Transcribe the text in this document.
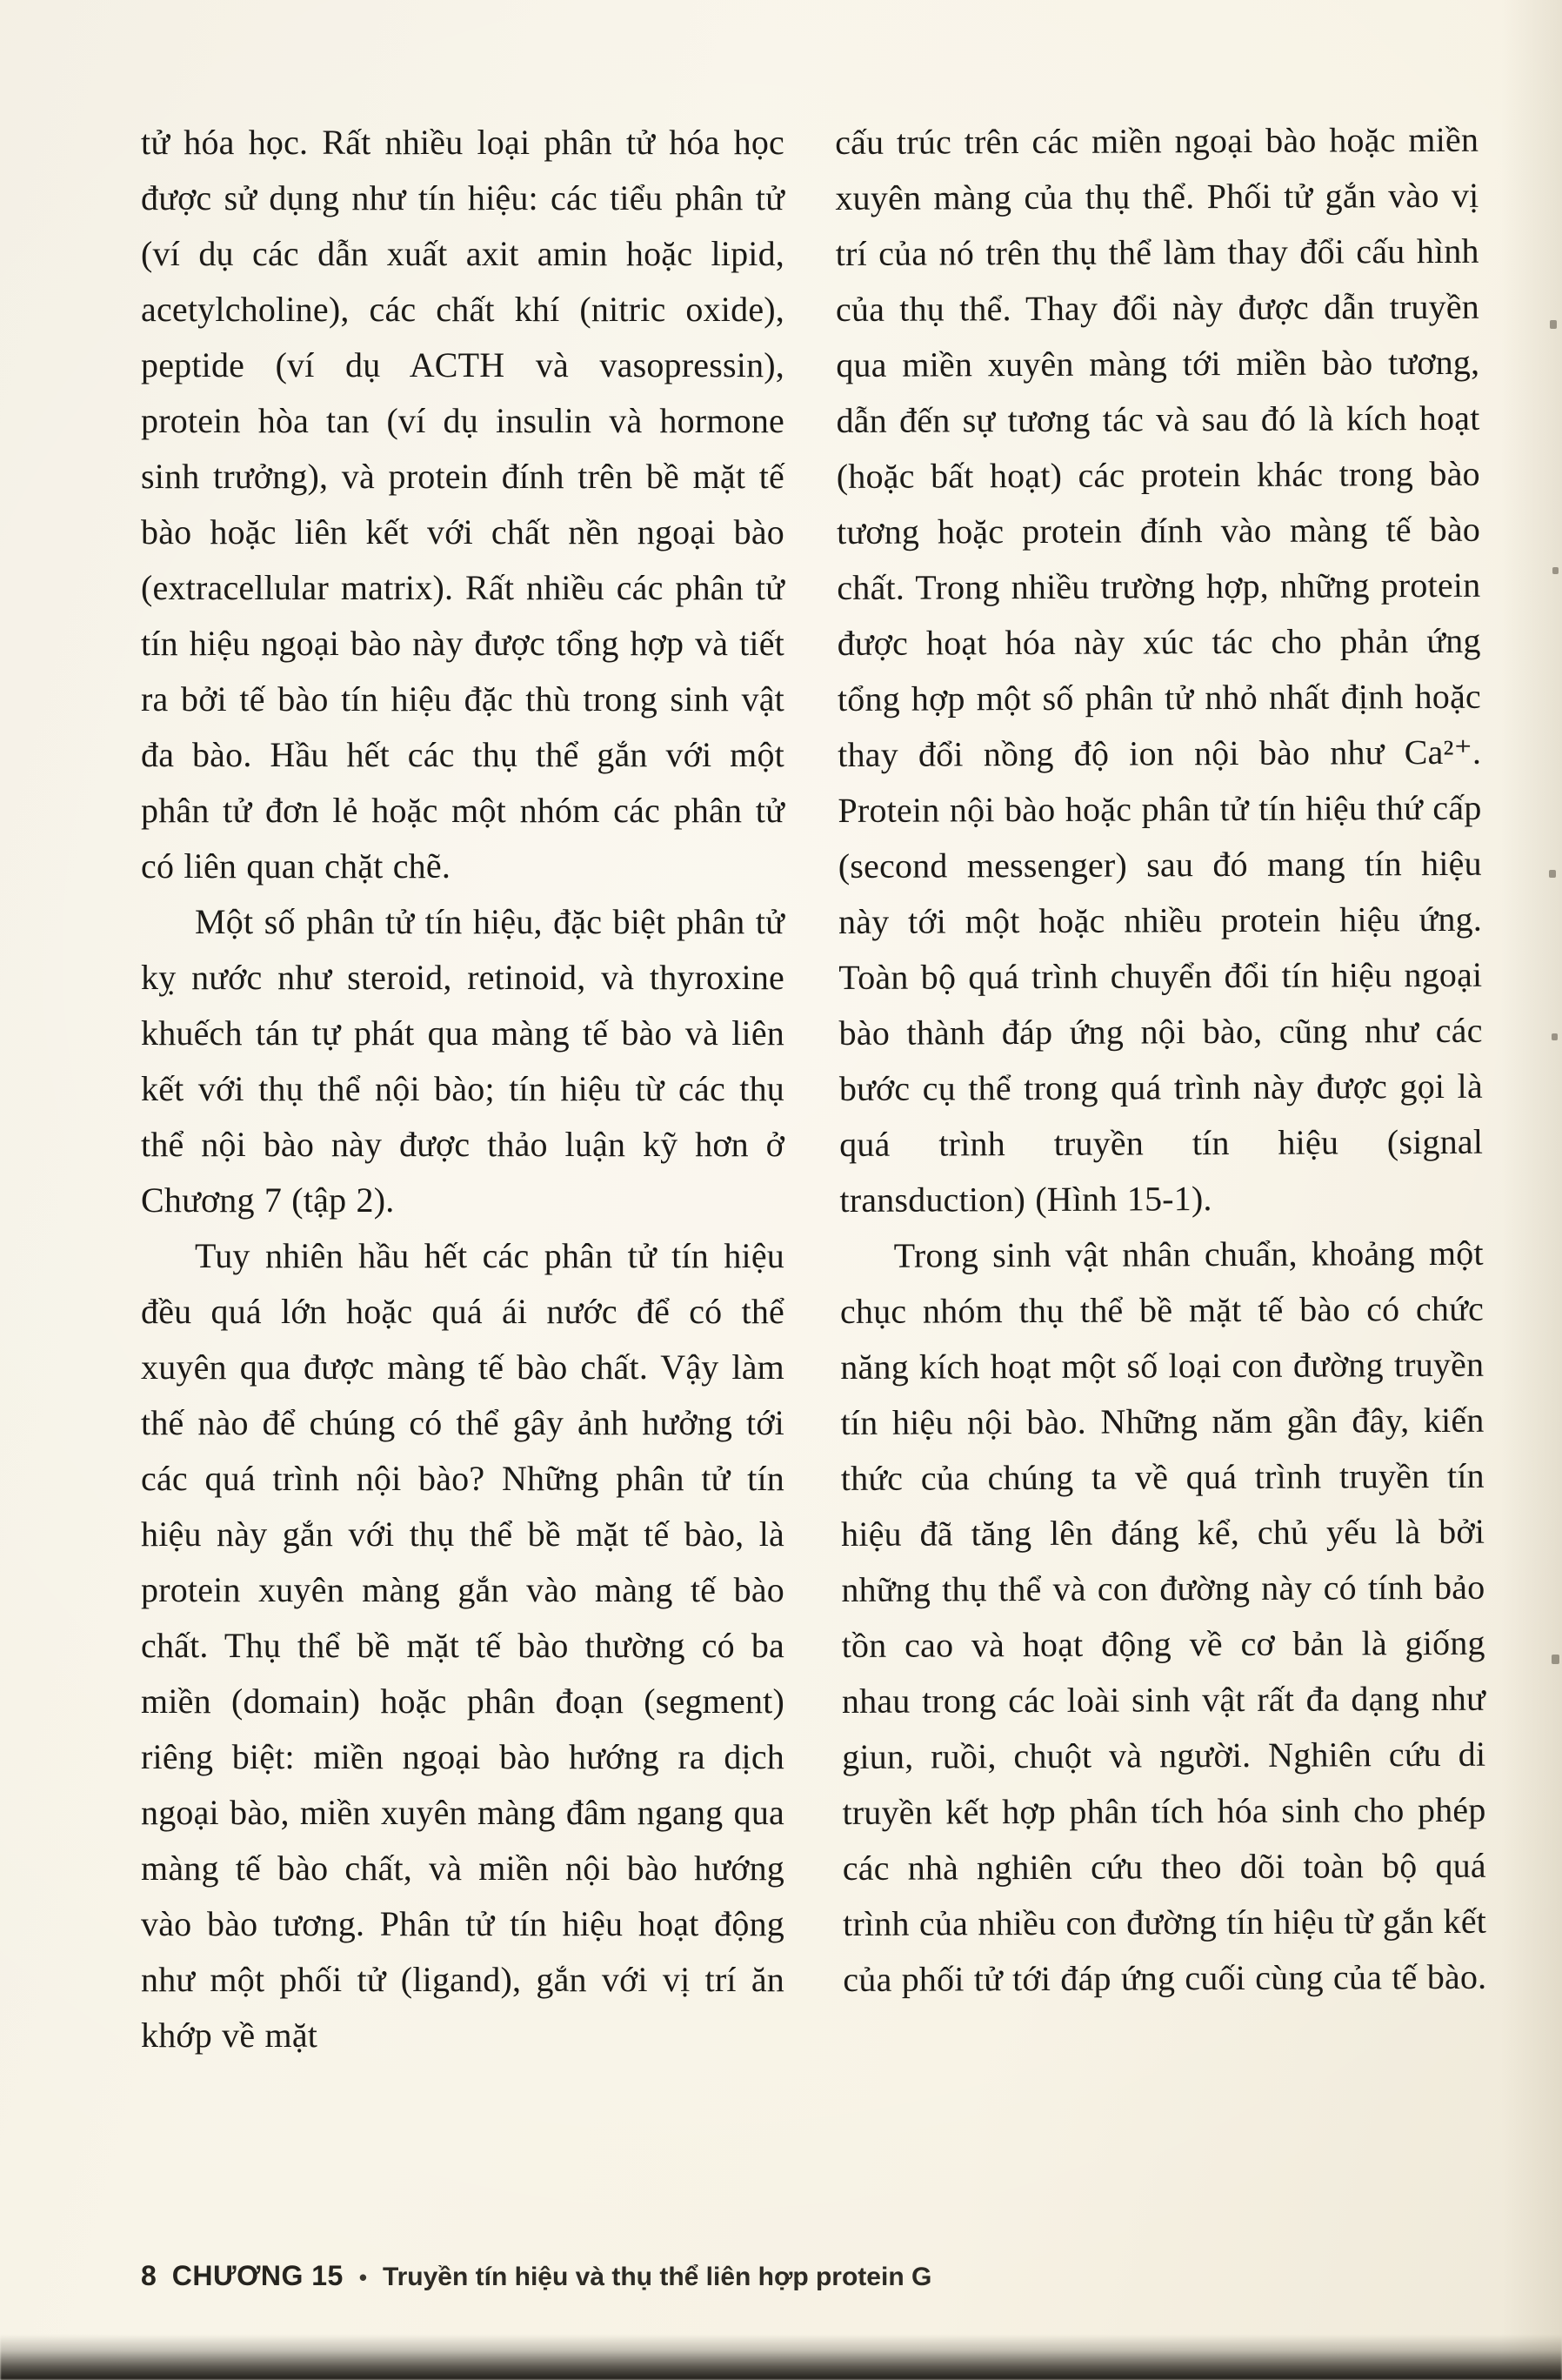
tử hóa học. Rất nhiều loại phân tử hóa học được sử dụng như tín hiệu: các tiểu phân tử (ví dụ các dẫn xuất axit amin hoặc lipid, acetylcholine), các chất khí (nitric oxide), peptide (ví dụ ACTH và vasopressin), protein hòa tan (ví dụ insulin và hormone sinh trưởng), và protein đính trên bề mặt tế bào hoặc liên kết với chất nền ngoại bào (extracellular matrix). Rất nhiều các phân tử tín hiệu ngoại bào này được tổng hợp và tiết ra bởi tế bào tín hiệu đặc thù trong sinh vật đa bào. Hầu hết các thụ thể gắn với một phân tử đơn lẻ hoặc một nhóm các phân tử có liên quan chặt chẽ.

Một số phân tử tín hiệu, đặc biệt phân tử kỵ nước như steroid, retinoid, và thyroxine khuếch tán tự phát qua màng tế bào và liên kết với thụ thể nội bào; tín hiệu từ các thụ thể nội bào này được thảo luận kỹ hơn ở Chương 7 (tập 2).

Tuy nhiên hầu hết các phân tử tín hiệu đều quá lớn hoặc quá ái nước để có thể xuyên qua được màng tế bào chất. Vậy làm thế nào để chúng có thể gây ảnh hưởng tới các quá trình nội bào? Những phân tử tín hiệu này gắn với thụ thể bề mặt tế bào, là protein xuyên màng gắn vào màng tế bào chất. Thụ thể bề mặt tế bào thường có ba miền (domain) hoặc phân đoạn (segment) riêng biệt: miền ngoại bào hướng ra dịch ngoại bào, miền xuyên màng đâm ngang qua màng tế bào chất, và miền nội bào hướng vào bào tương. Phân tử tín hiệu hoạt động như một phối tử (ligand), gắn với vị trí ăn khớp về mặt

cấu trúc trên các miền ngoại bào hoặc miền xuyên màng của thụ thể. Phối tử gắn vào vị trí của nó trên thụ thể làm thay đổi cấu hình của thụ thể. Thay đổi này được dẫn truyền qua miền xuyên màng tới miền bào tương, dẫn đến sự tương tác và sau đó là kích hoạt (hoặc bất hoạt) các protein khác trong bào tương hoặc protein đính vào màng tế bào chất. Trong nhiều trường hợp, những protein được hoạt hóa này xúc tác cho phản ứng tổng hợp một số phân tử nhỏ nhất định hoặc thay đổi nồng độ ion nội bào như Ca²⁺. Protein nội bào hoặc phân tử tín hiệu thứ cấp (second messenger) sau đó mang tín hiệu này tới một hoặc nhiều protein hiệu ứng. Toàn bộ quá trình chuyển đổi tín hiệu ngoại bào thành đáp ứng nội bào, cũng như các bước cụ thể trong quá trình này được gọi là quá trình truyền tín hiệu (signal transduction) (Hình 15-1).

Trong sinh vật nhân chuẩn, khoảng một chục nhóm thụ thể bề mặt tế bào có chức năng kích hoạt một số loại con đường truyền tín hiệu nội bào. Những năm gần đây, kiến thức của chúng ta về quá trình truyền tín hiệu đã tăng lên đáng kể, chủ yếu là bởi những thụ thể và con đường này có tính bảo tồn cao và hoạt động về cơ bản là giống nhau trong các loài sinh vật rất đa dạng như giun, ruồi, chuột và người. Nghiên cứu di truyền kết hợp phân tích hóa sinh cho phép các nhà nghiên cứu theo dõi toàn bộ quá trình của nhiều con đường tín hiệu từ gắn kết của phối tử tới đáp ứng cuối cùng của tế bào.

8 CHƯƠNG 15 • Truyền tín hiệu và thụ thể liên hợp protein G
